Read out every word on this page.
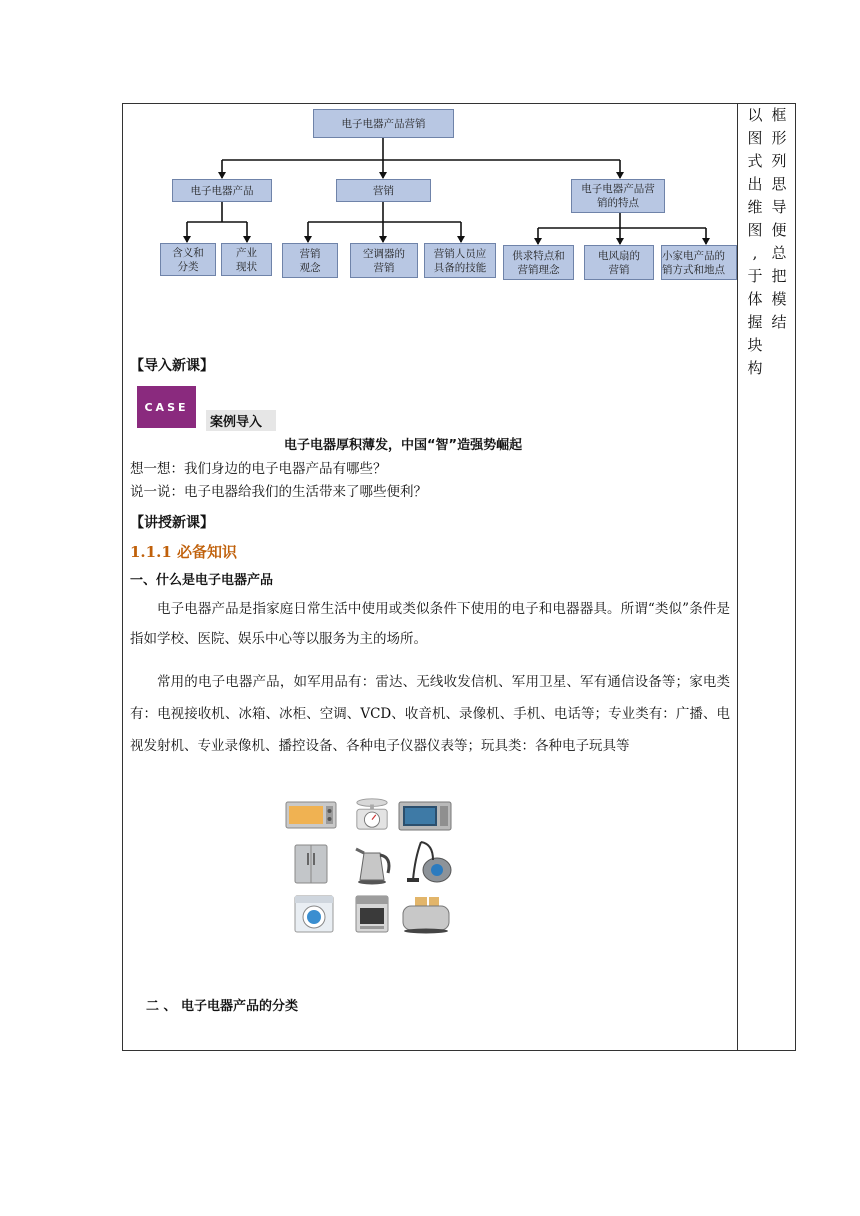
以
图
式
出
维
图
,
于
体
握
块
构
框
形
列
思
导
便
总
把
模
结
电子电器产品营销
电子电器产品	营销	电子电器产品营
销的特点
含义和
分类
产业
现状
营销
观念
空调器的
营销
营销人员应
具备的技能
供求特点和
营销理念
电风扇的
营销
小家电产品的
销方式和地点
【导入新课】
CASE
案例导入
电子电器厚积薄发，中国“智”造强势崛起
想一想：我们身边的电子电器产品有哪些？
说一说：电子电器给我们的生活带来了哪些便利？
【讲授新课】
1.1.1 必备知识
一、什么是电子电器产品
电子电器产品是指家庭日常生活中使用或类似条件下使用的电子和电器器具。所谓“类似”条件是指如学校、医院、娱乐中心等以服务为主的场所。
常用的电子电器产品，如军用品有：雷达、无线收发信机、军用卫星、军有通信设备等；家电类有：电视接收机、冰箱、冰柜、空调、VCD、收音机、录像机、手机、电话等；专业类有：广播、电视发射机、专业录像机、播控设备、各种电子仪器仪表等；玩具类：各种电子玩具等
二 、 电子电器产品的分类
